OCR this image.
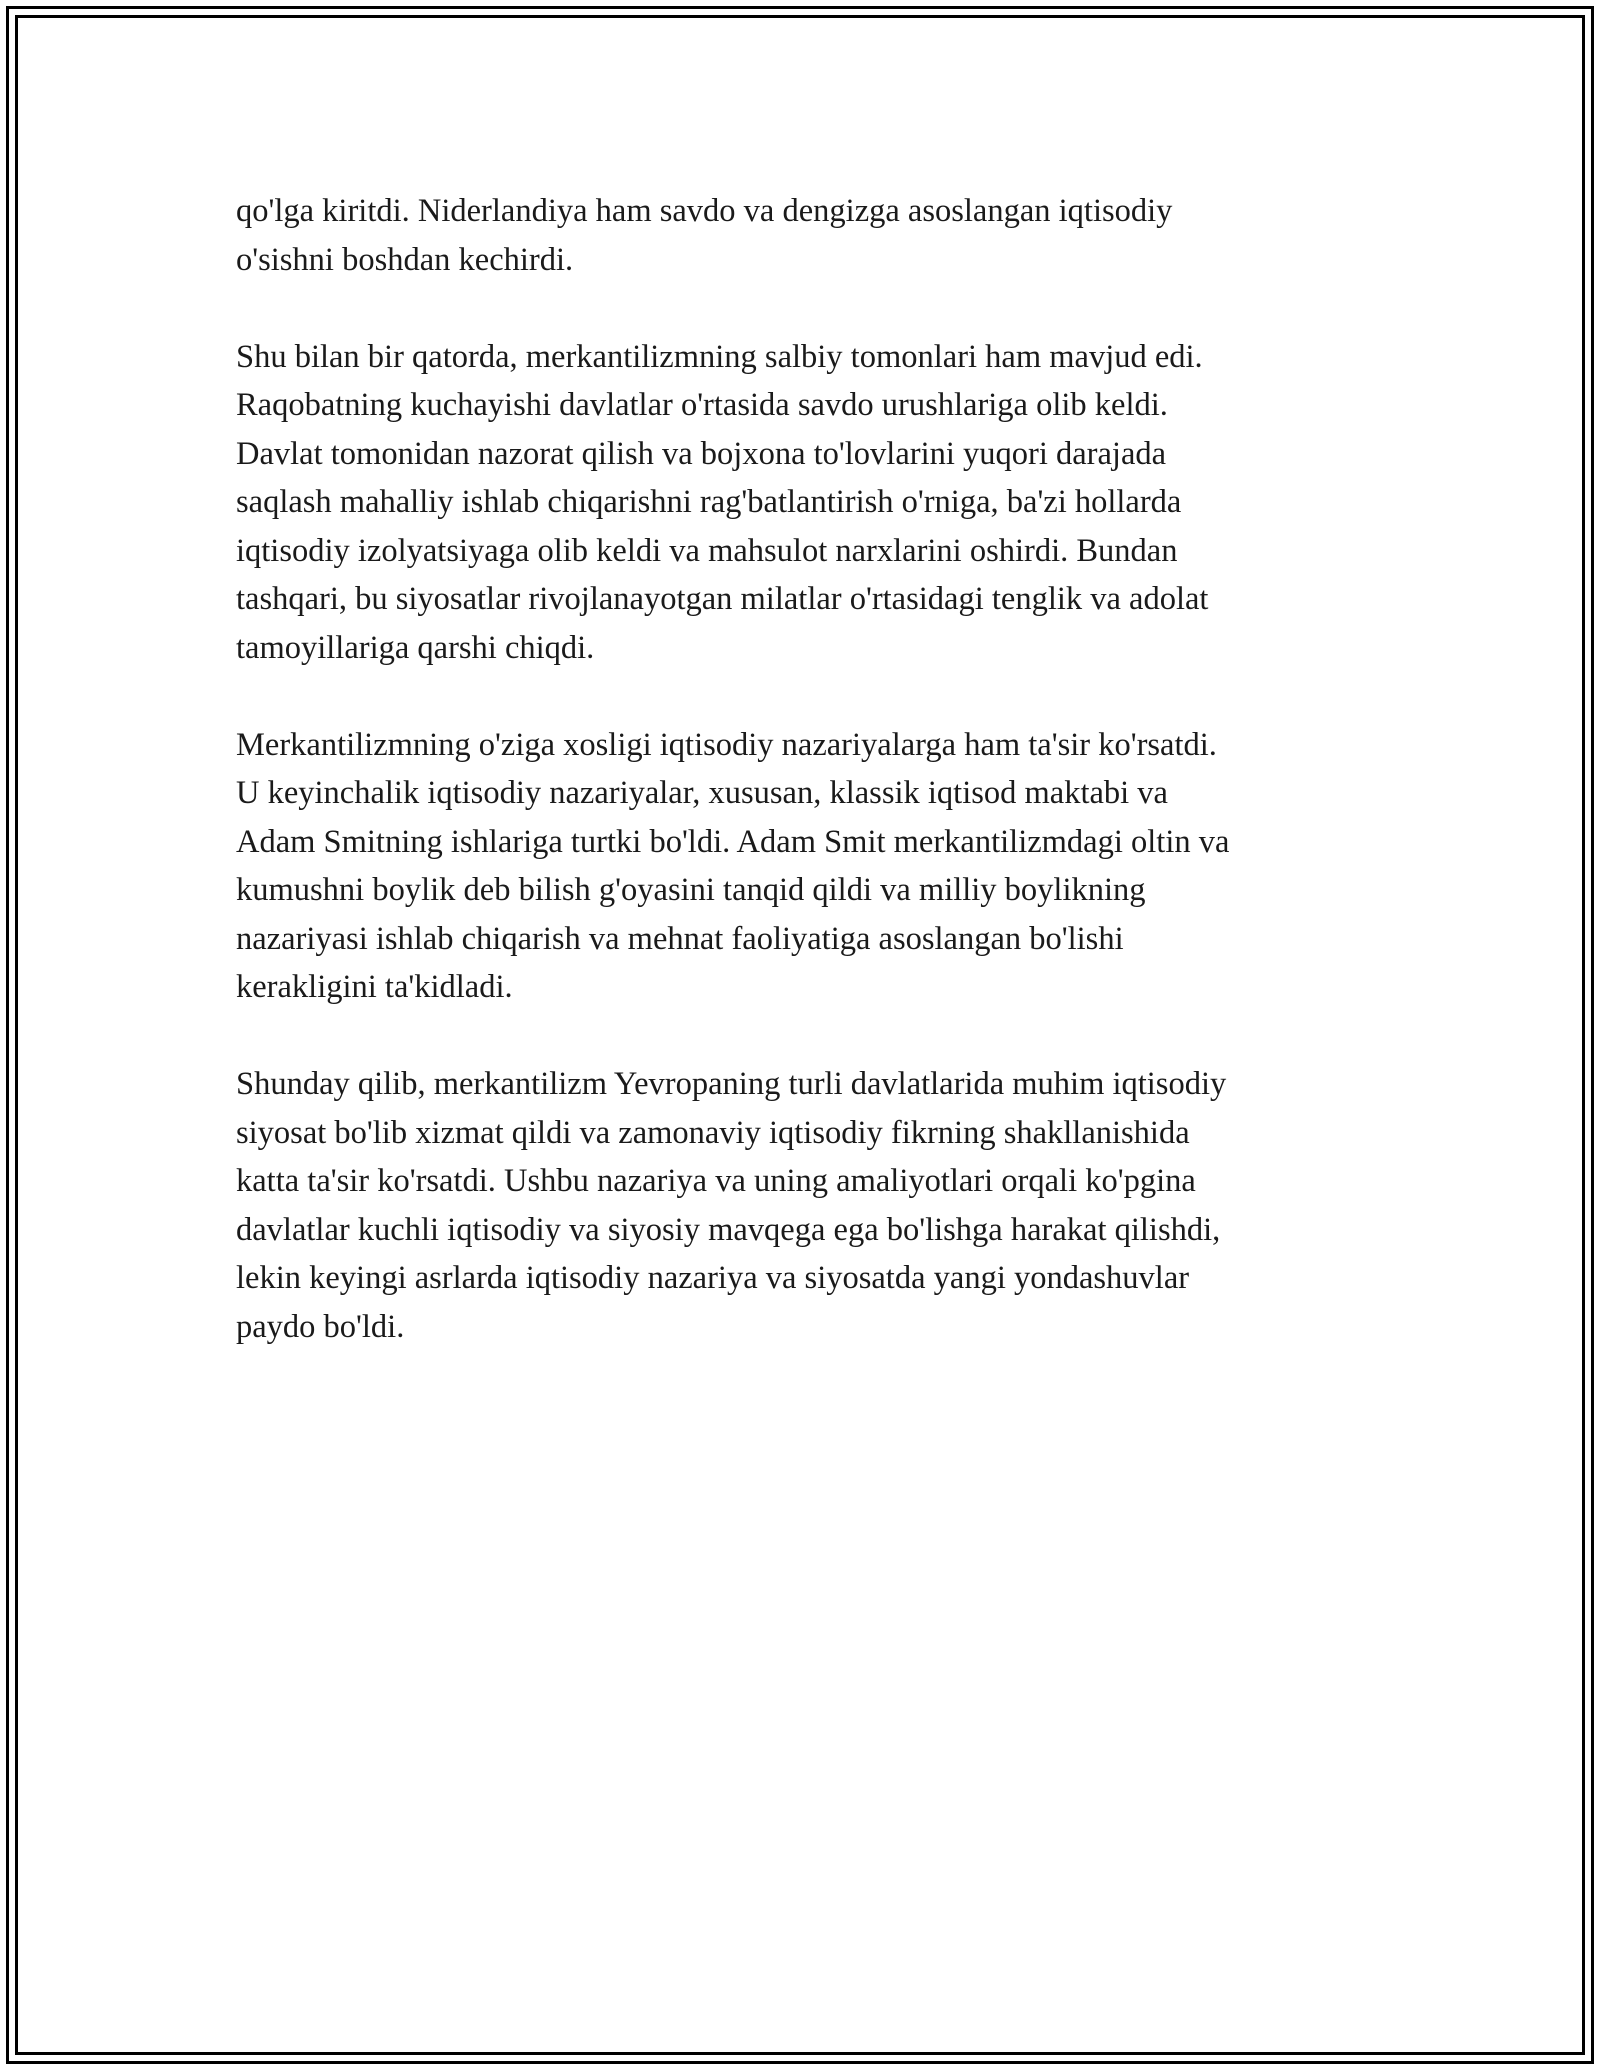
qo'lga kiritdi. Niderlandiya ham savdo va dengizga asoslangan iqtisodiy
o'sishni boshdan kechirdi.

Shu bilan bir qatorda, merkantilizmning salbiy tomonlari ham mavjud edi.
Raqobatning kuchayishi davlatlar o'rtasida savdo urushlariga olib keldi.
Davlat tomonidan nazorat qilish va bojxona to'lovlarini yuqori darajada
saqlash mahalliy ishlab chiqarishni rag'batlantirish o'rniga, ba'zi hollarda
iqtisodiy izolyatsiyaga olib keldi va mahsulot narxlarini oshirdi. Bundan
tashqari, bu siyosatlar rivojlanayotgan milatlar o'rtasidagi tenglik va adolat
tamoyillariga qarshi chiqdi.

Merkantilizmning o'ziga xosligi iqtisodiy nazariyalarga ham ta'sir ko'rsatdi.
U keyinchalik iqtisodiy nazariyalar, xususan, klassik iqtisod maktabi va
Adam Smitning ishlariga turtki bo'ldi. Adam Smit merkantilizmdagi oltin va
kumushni boylik deb bilish g'oyasini tanqid qildi va milliy boylikning
nazariyasi ishlab chiqarish va mehnat faoliyatiga asoslangan bo'lishi
kerakligini ta'kidladi.

Shunday qilib, merkantilizm Yevropaning turli davlatlarida muhim iqtisodiy
siyosat bo'lib xizmat qildi va zamonaviy iqtisodiy fikrning shakllanishida
katta ta'sir ko'rsatdi. Ushbu nazariya va uning amaliyotlari orqali ko'pgina
davlatlar kuchli iqtisodiy va siyosiy mavqega ega bo'lishga harakat qilishdi,
lekin keyingi asrlarda iqtisodiy nazariya va siyosatda yangi yondashuvlar
paydo bo'ldi.
